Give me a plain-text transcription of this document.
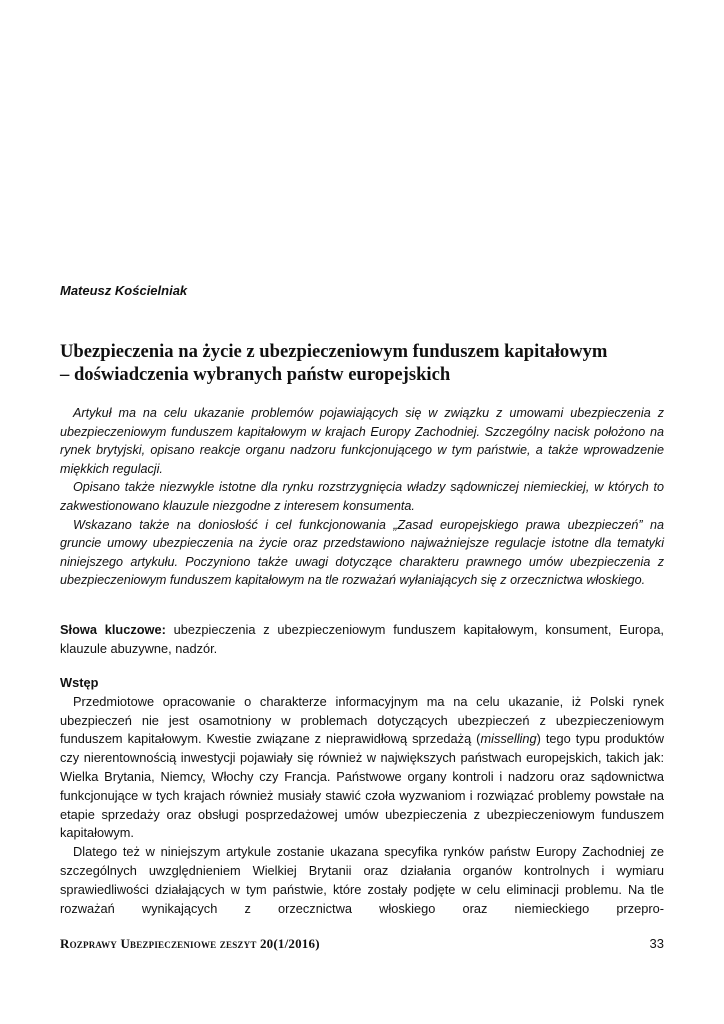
Mateusz Kościelniak

Ubezpieczenia na życie z ubezpieczeniowym funduszem kapitałowym
– doświadczenia wybranych państw europejskich

Artykuł ma na celu ukazanie problemów pojawiających się w związku z umowami ubezpieczenia z ubezpieczeniowym funduszem kapitałowym w krajach Europy Zachodniej. Szczególny nacisk położono na rynek brytyjski, opisano reakcje organu nadzoru funkcjonującego w tym państwie, a także wprowadzenie miękkich regulacji.

Opisano także niezwykle istotne dla rynku rozstrzygnięcia władzy sądowniczej niemieckiej, w których to zakwestionowano klauzule niezgodne z interesem konsumenta.

Wskazano także na doniosłość i cel funkcjonowania „Zasad europejskiego prawa ubezpieczeń” na gruncie umowy ubezpieczenia na życie oraz przedstawiono najważniejsze regulacje istotne dla tematyki niniejszego artykułu. Poczyniono także uwagi dotyczące charakteru prawnego umów ubezpieczenia z ubezpieczeniowym funduszem kapitałowym na tle rozważań wyłaniających się z orzecznictwa włoskiego.

Słowa kluczowe: ubezpieczenia z ubezpieczeniowym funduszem kapitałowym, konsument, Europa, klauzule abuzywne, nadzór.

Wstęp

Przedmiotowe opracowanie o charakterze informacyjnym ma na celu ukazanie, iż Polski rynek ubezpieczeń nie jest osamotniony w problemach dotyczących ubezpieczeń z ubezpieczeniowym funduszem kapitałowym. Kwestie związane z nieprawidłową sprzedażą (misselling) tego typu produktów czy nierentownością inwestycji pojawiały się również w największych państwach europejskich, takich jak: Wielka Brytania, Niemcy, Włochy czy Francja. Państwowe organy kontroli i nadzoru oraz sądownictwa funkcjonujące w tych krajach również musiały stawić czoła wyzwaniom i rozwiązać problemy powstałe na etapie sprzedaży oraz obsługi posprzedażowej umów ubezpieczenia z ubezpieczeniowym funduszem kapitałowym.

Dlatego też w niniejszym artykule zostanie ukazana specyfika rynków państw Europy Zachodniej ze szczególnych uwzględnieniem Wielkiej Brytanii oraz działania organów kontrolnych i wymiaru sprawiedliwości działających w tym państwie, które zostały podjęte w celu eliminacji problemu. Na tle rozważań wynikających z orzecznictwa włoskiego oraz niemieckiego przepro-

Rozprawy Ubezpieczeniowe zeszyt 20(1/2016)	33
